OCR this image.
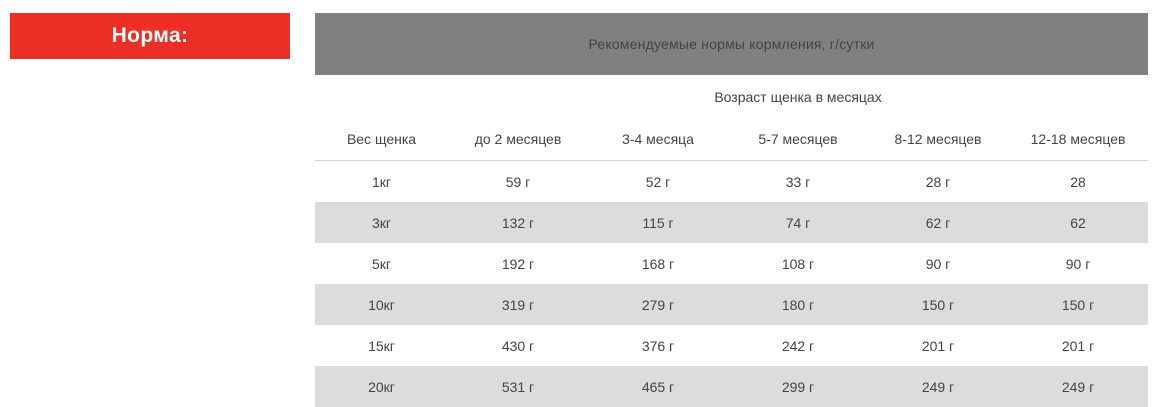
Норма:	Рекомендуемые нормы кормления, г/сутки					
	Возраст щенка в месяцах				
Вес щенка	до 2 месяцев	3-4 месяца	5-7 месяцев	8-12 месяцев	12-18 месяцев
1кг	59 г	52 г	33 г	28 г	28
3кг	132 г	115 г	74 г	62 г	62
5кг	192 г	168 г	108 г	90 г	90 г
10кг	319 г	279 г	180 г	150 г	150 г
15кг	430 г	376 г	242 г	201 г	201 г
20кг	531 г	465 г	299 г	249 г	249 г
